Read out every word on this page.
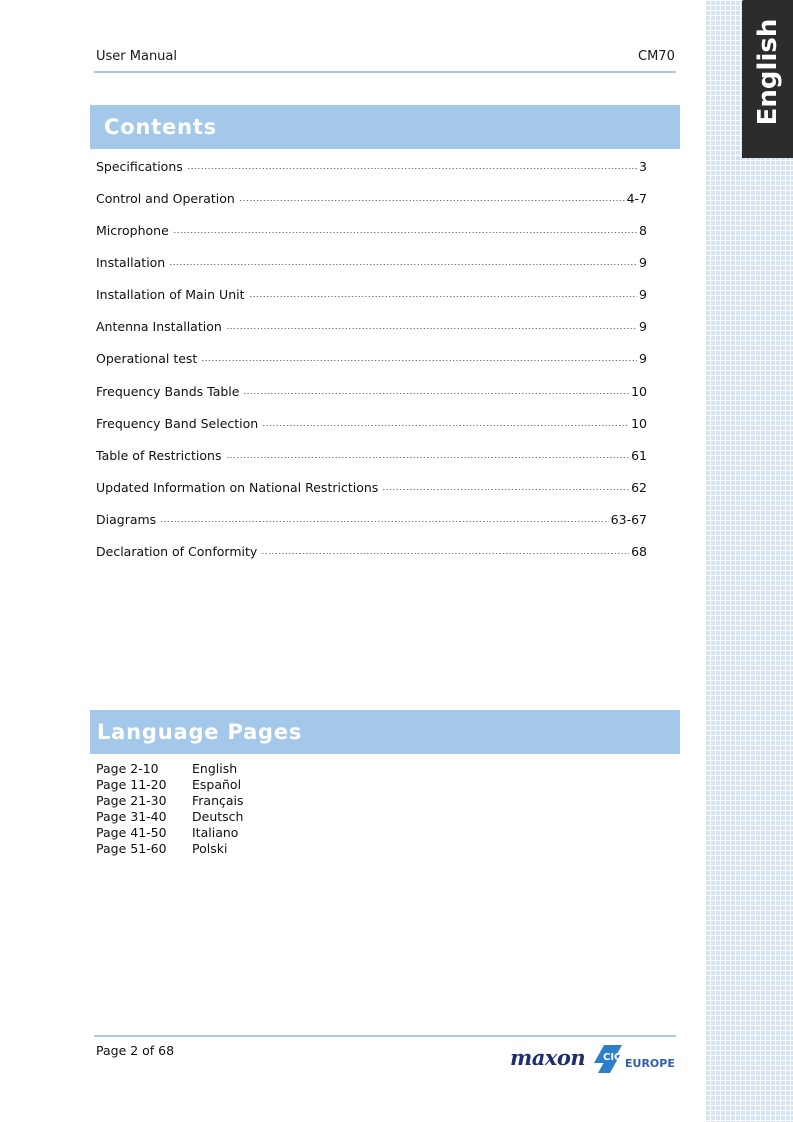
User Manual	CM70	English
Contents
Specifications	3
Control and Operation	4-7
Microphone	8
Installation	9
Installation of Main Unit	9
Antenna Installation	9
Operational test	9
Frequency Bands Table	10
Frequency Band Selection	10
Table of Restrictions	61
Updated Information on National Restrictions	62
Diagrams	63-67
Declaration of Conformity	68
Language Pages
Page 2-10	English
Page 11-20 Español
Page 21-30 Français
Page 31-40 Deutsch
Page 41-50 Italiano
Page 51-60 Polski
Page 2 of 68	maxon CIC EUROPE
